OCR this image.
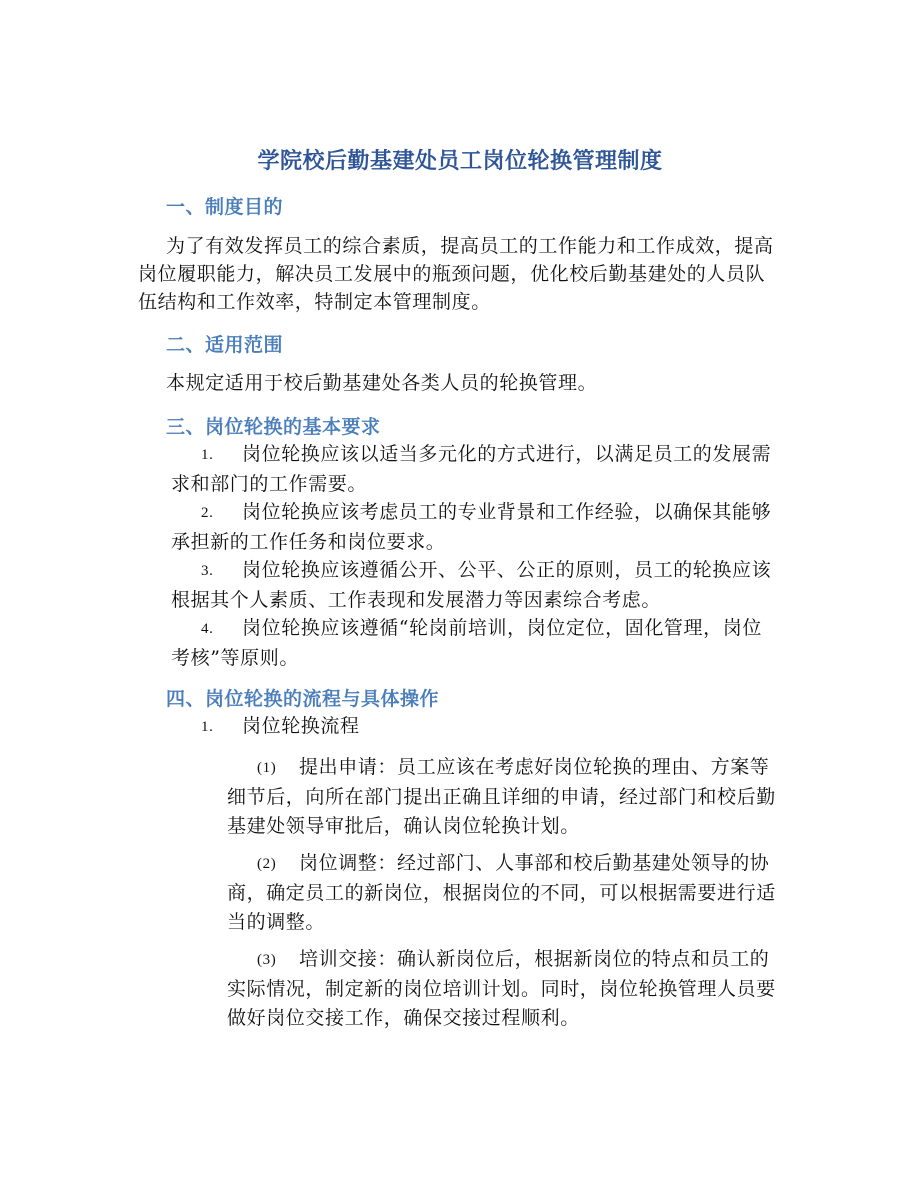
学院校后勤基建处员工岗位轮换管理制度
一、制度目的
为了有效发挥员工的综合素质，提高员工的工作能力和工作成效，提高岗位履职能力，解决员工发展中的瓶颈问题，优化校后勤基建处的人员队伍结构和工作效率，特制定本管理制度。
二、适用范围
本规定适用于校后勤基建处各类人员的轮换管理。
三、岗位轮换的基本要求
1. 岗位轮换应该以适当多元化的方式进行，以满足员工的发展需求和部门的工作需要。
2. 岗位轮换应该考虑员工的专业背景和工作经验，以确保其能够承担新的工作任务和岗位要求。
3. 岗位轮换应该遵循公开、公平、公正的原则，员工的轮换应该根据其个人素质、工作表现和发展潜力等因素综合考虑。
4. 岗位轮换应该遵循“轮岗前培训，岗位定位，固化管理，岗位考核”等原则。
四、岗位轮换的流程与具体操作
1. 岗位轮换流程
(1) 提出申请：员工应该在考虑好岗位轮换的理由、方案等细节后，向所在部门提出正确且详细的申请，经过部门和校后勤基建处领导审批后，确认岗位轮换计划。
(2) 岗位调整：经过部门、人事部和校后勤基建处领导的协商，确定员工的新岗位，根据岗位的不同，可以根据需要进行适当的调整。
(3) 培训交接：确认新岗位后，根据新岗位的特点和员工的实际情况，制定新的岗位培训计划。同时，岗位轮换管理人员要做好岗位交接工作，确保交接过程顺利。
